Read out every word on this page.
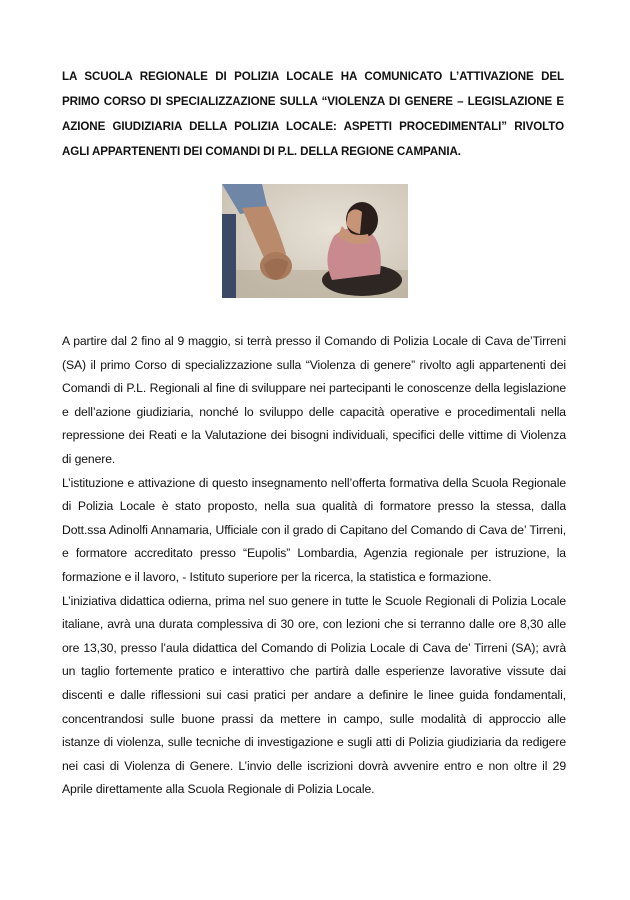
LA SCUOLA REGIONALE DI POLIZIA LOCALE HA COMUNICATO L’ATTIVAZIONE DEL PRIMO CORSO DI SPECIALIZZAZIONE SULLA “VIOLENZA DI GENERE – LEGISLAZIONE E AZIONE GIUDIZIARIA DELLA POLIZIA LOCALE: ASPETTI PROCEDIMENTALI” RIVOLTO AGLI APPARTENENTI DEI COMANDI DI P.L. DELLA REGIONE CAMPANIA.

A partire dal 2 fino al 9 maggio, si terrà presso il Comando di Polizia Locale di Cava de’Tirreni (SA) il primo Corso di specializzazione sulla “Violenza di genere” rivolto agli appartenenti dei Comandi di P.L. Regionali al fine di sviluppare nei partecipanti le conoscenze della legislazione e dell’azione giudiziaria, nonché lo sviluppo delle capacità operative e procedimentali nella repressione dei Reati e la Valutazione dei bisogni individuali, specifici delle vittime di Violenza di genere.

L’istituzione e attivazione di questo insegnamento nell’offerta formativa della Scuola Regionale di Polizia Locale è stato proposto, nella sua qualità di formatore presso la stessa, dalla Dott.ssa Adinolfi Annamaria, Ufficiale con il grado di Capitano del Comando di Cava de’ Tirreni, e formatore accreditato presso “Eupolis” Lombardia, Agenzia regionale per istruzione, la formazione e il lavoro, - Istituto superiore per la ricerca, la statistica e formazione.

L’iniziativa didattica odierna, prima nel suo genere in tutte le Scuole Regionali di Polizia Locale italiane, avrà una durata complessiva di 30 ore, con lezioni che si terranno dalle ore 8,30 alle ore 13,30, presso l’aula didattica del Comando di Polizia Locale di Cava de’ Tirreni (SA); avrà un taglio fortemente pratico e interattivo che partirà dalle esperienze lavorative vissute dai discenti e dalle riflessioni sui casi pratici per andare a definire le linee guida fondamentali, concentrandosi sulle buone prassi da mettere in campo, sulle modalità di approccio alle istanze di violenza, sulle tecniche di investigazione e sugli atti di Polizia giudiziaria da redigere nei casi di Violenza di Genere. L’invio delle iscrizioni dovrà avvenire entro e non oltre il 29 Aprile direttamente alla Scuola Regionale di Polizia Locale.
